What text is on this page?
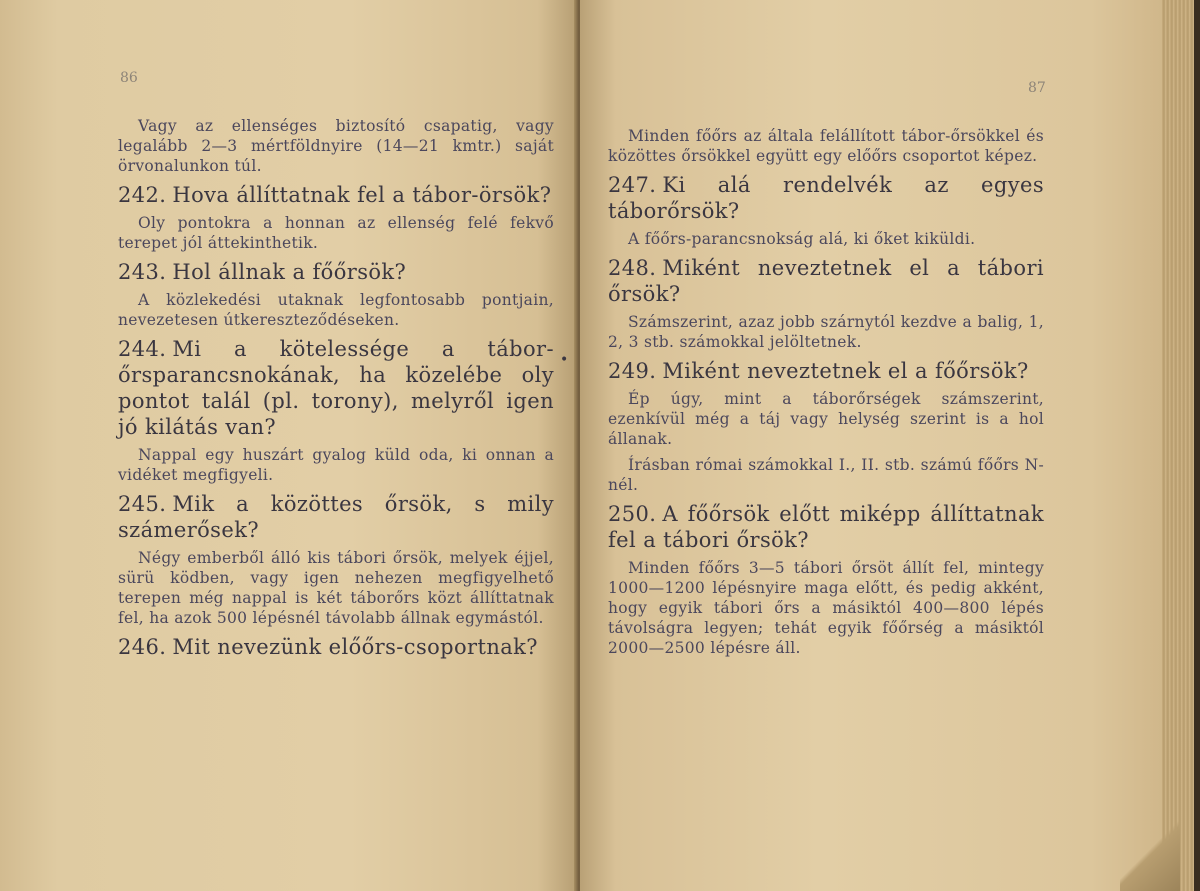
86
Vagy az ellenséges biztosító csapatig, vagy legalább 2—3 mértföldnyire (14—21 kmtr.) saját örvonalunkon túl.
242. Hova állíttatnak fel a tábor-örsök?
Oly pontokra a honnan az ellenség felé fekvő terepet jól áttekinthetik.
243. Hol állnak a főőrsök?
A közlekedési utaknak legfontosabb pontjain, nevezetesen útkereszteződéseken.
244. Mi a kötelessége a tábor-őrsparancsnokának, ha közelébe oly pontot talál (pl. torony), melyről igen jó kilátás van?
Nappal egy huszárt gyalog küld oda, ki onnan a vidéket megfigyeli.
245. Mik a közöttes őrsök, s mily számerősek?
Négy emberből álló kis tábori őrsök, melyek éjjel, sürü ködben, vagy igen nehezen megfigyelhető terepen még nappal is két táborőrs közt állíttatnak fel, ha azok 500 lépésnél távolabb állnak egymástól.
246. Mit nevezünk előőrs-csoportnak?
87
Minden főőrs az általa felállított tábor-őrsökkel és közöttes őrsökkel együtt egy előőrs csoportot képez.
247. Ki alá rendelvék az egyes táborőrsök?
A főőrs-parancsnokság alá, ki őket kiküldi.
248. Miként neveztetnek el a tábori őrsök?
Számszerint, azaz jobb szárnytól kezdve a balig, 1, 2, 3 stb. számokkal jelöltetnek.
249. Miként neveztetnek el a főőrsök?
Ép úgy, mint a táborőrségek számszerint, ezenkívül még a táj vagy helység szerint is a hol állanak.
Írásban római számokkal I., II. stb. számú főőrs N-nél.
250. A főőrsök előtt miképp állíttatnak fel a tábori őrsök?
Minden főőrs 3—5 tábori őrsöt állít fel, mintegy 1000—1200 lépésnyire maga előtt, és pedig akként, hogy egyik tábori őrs a másiktól 400—800 lépés távolságra legyen; tehát egyik főőrség a másiktól 2000—2500 lépésre áll.
•
